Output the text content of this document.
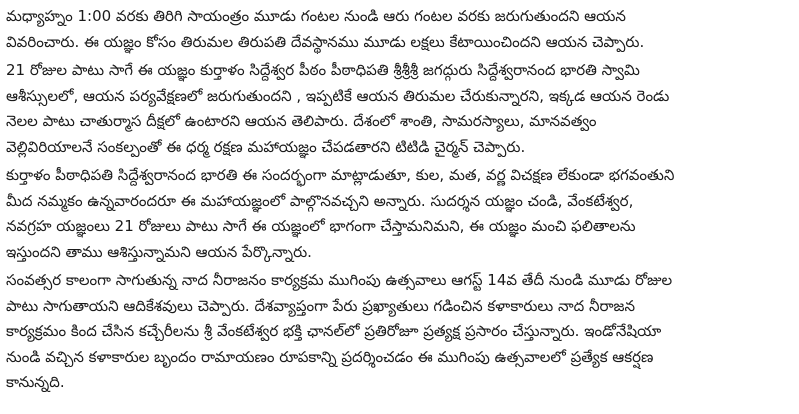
మధ్యాహ్నం 1:00 వరకు తిరిగి సాయంత్రం మూడు గంటల నుండి ఆరు గంటల వరకు జరుగుతుందని ఆయన
వివరించారు. ఈ యజ్ఞం కోసం తిరుమల తిరుపతి దేవస్థానము మూడు లక్షలు కేటాయించిందని ఆయన చెప్పారు.
21 రోజుల పాటు సాగే ఈ యజ్ఞం కుర్తాళం సిద్దేశ్వర పీఠం పీఠాధిపతి శ్రీశ్రీశ్రీ జగద్గురు సిద్దేశ్వరానంద భారతి స్వామి
ఆశీస్సులలో, ఆయన పర్యవేక్షణలో జరుగుతుందని , ఇప్పటికే ఆయన తిరుమల చేరుకున్నారని, ఇక్కడ ఆయన రెండు
నెలల పాటు చాతుర్మాస దీక్షలో ఉంటారని ఆయన తెలిపారు. దేశంలో శాంతి, సామరస్యాలు, మానవత్వం
వెల్లివిరియాలనే సంకల్పంతో ఈ ధర్మ రక్షణ మహాయజ్ఞం చేపడతారని టిటిడి చైర్మన్ చెప్పారు.
కుర్తాళం పీఠాధిపతి సిద్దేశ్వరానంద భారతి ఈ సందర్భంగా మాట్లాడుతూ, కుల, మత, వర్ణ విచక్షణ లేకుండా భగవంతుని
మీద నమ్మకం ఉన్నవారందరూ ఈ మహాయజ్ఞంలో పాల్గొనవచ్చని అన్నారు. సుదర్శన యజ్ఞం చండి, వేంకటేశ్వర,
నవగ్రహ యజ్ఞంలు 21 రోజులు పాటు సాగే ఈ యజ్ఞంలో భాగంగా చేస్తామనిమని, ఈ యజ్ఞం మంచి ఫలితాలను
ఇస్తుందని తాము ఆశిస్తున్నామని ఆయన పేర్కొన్నారు.
సంవత్సర కాలంగా సాగుతున్న నాద నీరాజనం కార్యక్రమ ముగింపు ఉత్సవాలు ఆగస్ట్ 14వ తేదీ నుండి మూడు రోజుల
పాటు సాగుతాయని ఆదికేశవులు చెప్పారు. దేశవ్యాప్తంగా పేరు ప్రఖ్యాతులు గడించిన కళాకారులు నాద నీరాజన
కార్యక్రమం కింద చేసిన కచ్చేరీలను శ్రీ వేంకటేశ్వర భక్తి ఛానల్‌లో ప్రతిరోజూ ప్రత్యక్ష ప్రసారం చేస్తున్నారు. ఇండోనేషియా
నుండి వచ్చిన కళాకారుల బృందం రామాయణం రూపకాన్ని ప్రదర్శించడం ఈ ముగింపు ఉత్సవాలలో ప్రత్యేక ఆకర్షణ
కానున్నది.
